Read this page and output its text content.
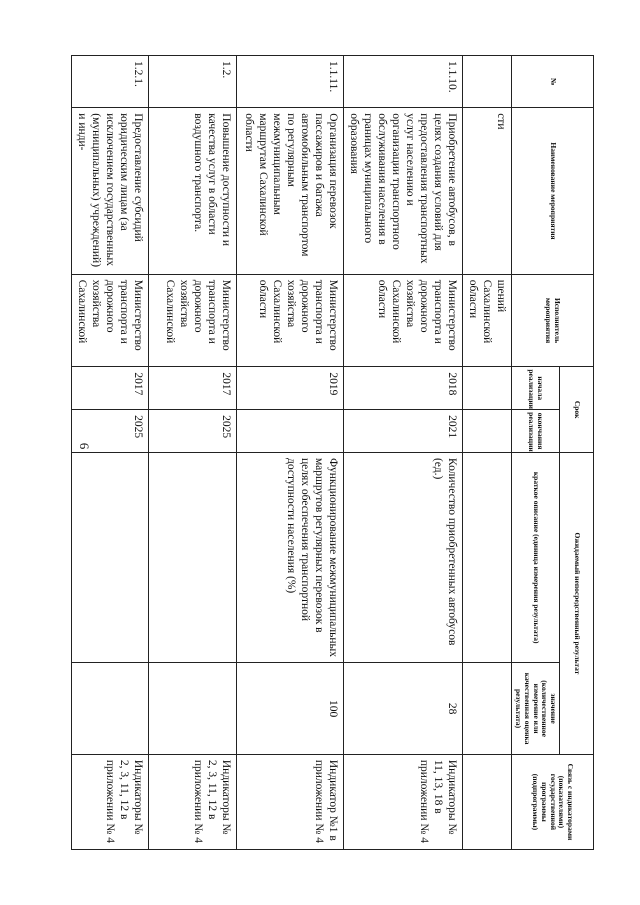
6
№	Наименование мероприятия	Исполнитель мероприятия	Срок		Ожидаемый непосредственный результат		Связь с индикаторами (показателями) государственной программы (подпрограммы)
			начала реализации	окончания реализации	краткое описание (единица измерения результата)	значение (количественное измерение или качественная оценка результата)	
	сти	шений Сахалинской области					
1.1.10.	Приобретение автобусов, в целях создания условий для предоставления транспортных услуг населению и организации транспортного обслуживания населения в границах муниципального образования	Министерство транспорта и дорожного хозяйства Сахалинской области	2018	2021	Количество приобретенных автобусов (ед.)	28	Индикаторы № 11, 13, 18 в приложении № 4
1.1.11.	Организация перевозок пассажиров и багажа автомобильным транспортом по регулярным межмуниципальным маршрутам Сахалинской области	Министерство транспорта и дорожного хозяйства Сахалинской области	2019		Функционирование межмуниципальных маршрутов регулярных перевозок в целях обеспечения транспортной доступности населения (%)	100	Индикатор №1 в приложении № 4
1.2.	Повышение доступности и качества услуг в области воздушного транспорта.	Министерство транспорта и дорожного хозяйства Сахалинской	2017	2025			Индикаторы № 2, 3, 11, 12 в приложении № 4
1.2.1.	Предоставление субсидий юридическим лицам (за исключением государственных (муниципальных) учреждений) и инди-	Министерство транспорта и дорожного хозяйства Сахалинской	2017	2025			Индикаторы № 2, 3, 11, 12 в приложении № 4
